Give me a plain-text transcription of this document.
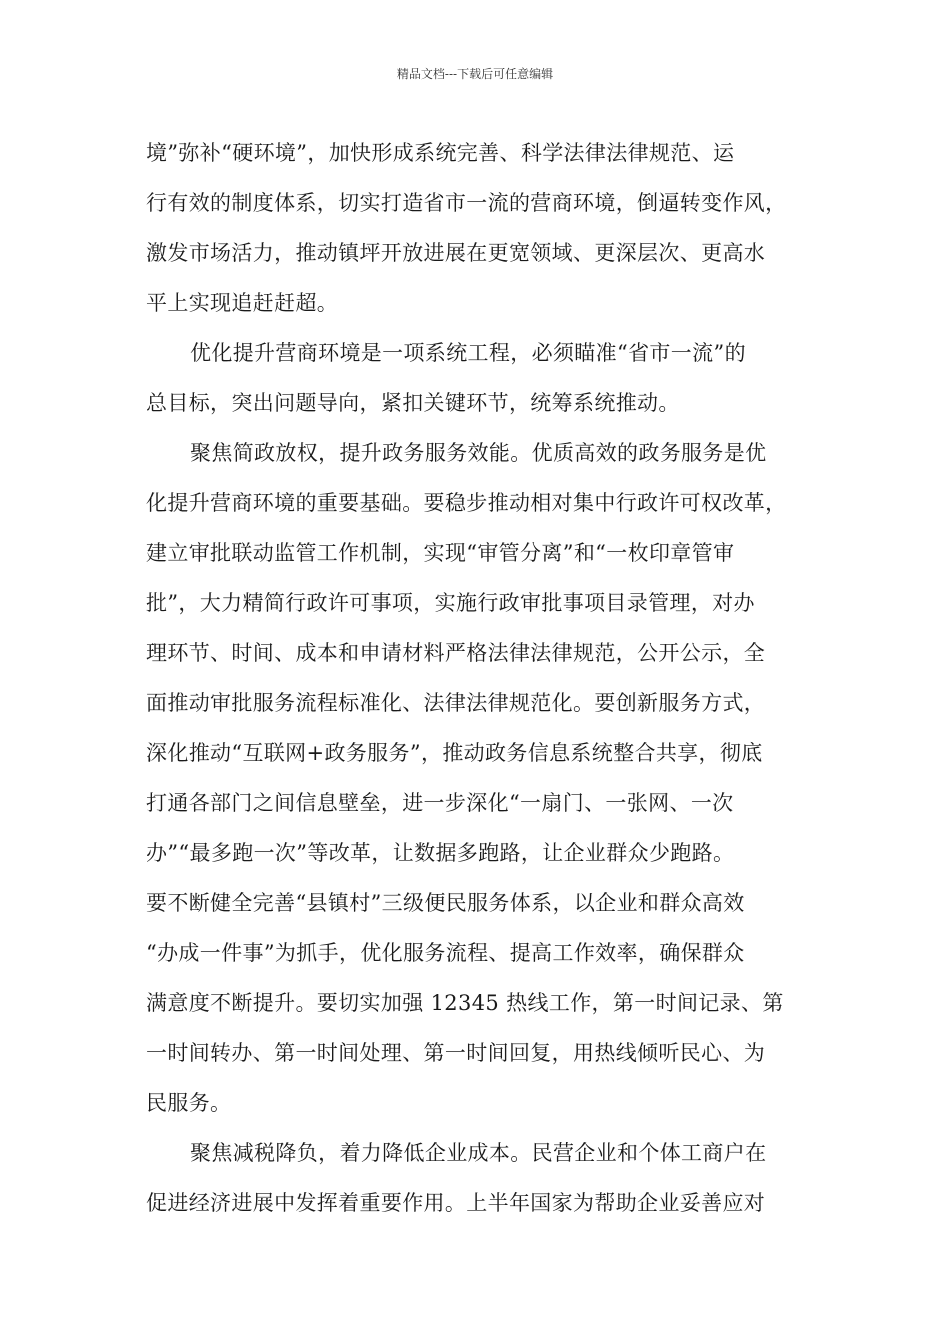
精品文档---下载后可任意编辑
境”弥补“硬环境”，加快形成系统完善、科学法律法律规范、运
行有效的制度体系，切实打造省市一流的营商环境，倒逼转变作风，
激发市场活力，推动镇坪开放进展在更宽领域、更深层次、更高水
平上实现追赶赶超。
优化提升营商环境是一项系统工程，必须瞄准“省市一流”的
总目标，突出问题导向，紧扣关键环节，统筹系统推动。
聚焦简政放权，提升政务服务效能。优质高效的政务服务是优
化提升营商环境的重要基础。要稳步推动相对集中行政许可权改革，
建立审批联动监管工作机制，实现“审管分离”和“一枚印章管审
批”，大力精简行政许可事项，实施行政审批事项目录管理，对办
理环节、时间、成本和申请材料严格法律法律规范，公开公示，全
面推动审批服务流程标准化、法律法律规范化。要创新服务方式，
深化推动“互联网+政务服务”，推动政务信息系统整合共享，彻底
打通各部门之间信息壁垒，进一步深化“一扇门、一张网、一次
办”“最多跑一次”等改革，让数据多跑路，让企业群众少跑路。
要不断健全完善“县镇村”三级便民服务体系，以企业和群众高效
“办成一件事”为抓手，优化服务流程、提高工作效率，确保群众
满意度不断提升。要切实加强 12345 热线工作，第一时间记录、第
一时间转办、第一时间处理、第一时间回复，用热线倾听民心、为
民服务。
聚焦减税降负，着力降低企业成本。民营企业和个体工商户在
促进经济进展中发挥着重要作用。上半年国家为帮助企业妥善应对
